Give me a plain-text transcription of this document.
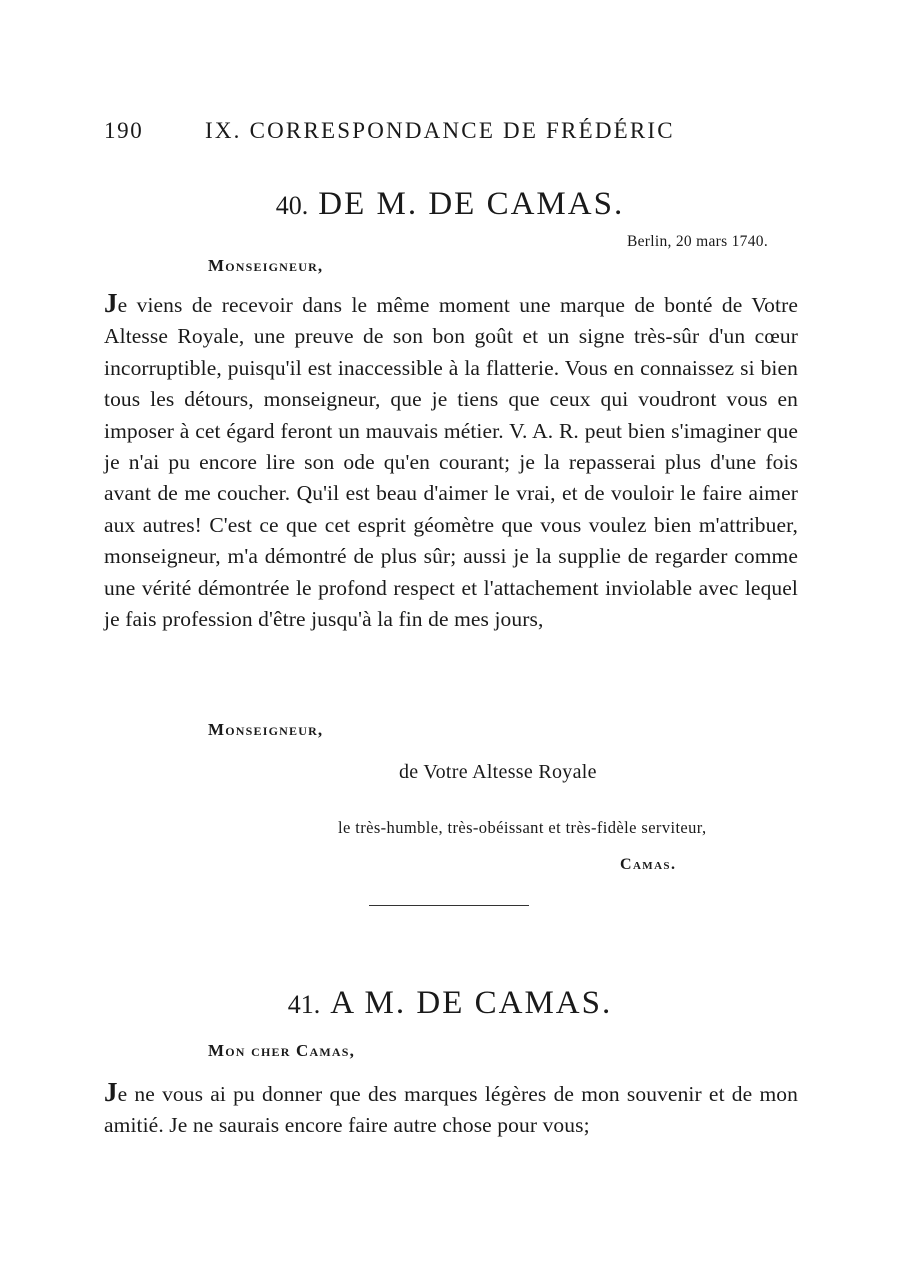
190	IX. CORRESPONDANCE DE FRÉDÉRIC
40. DE M. DE CAMAS.
Berlin, 20 mars 1740.
Monseigneur,
Je viens de recevoir dans le même moment une marque de bonté de Votre Altesse Royale, une preuve de son bon goût et un signe très-sûr d'un cœur incorruptible, puisqu'il est inaccessible à la flatterie. Vous en connaissez si bien tous les détours, monseigneur, que je tiens que ceux qui voudront vous en imposer à cet égard feront un mauvais métier. V. A. R. peut bien s'imaginer que je n'ai pu encore lire son ode qu'en courant; je la repasserai plus d'une fois avant de me coucher. Qu'il est beau d'aimer le vrai, et de vouloir le faire aimer aux autres! C'est ce que cet esprit géomètre que vous voulez bien m'attribuer, monseigneur, m'a démontré de plus sûr; aussi je la supplie de regarder comme une vérité démontrée le profond respect et l'attachement inviolable avec lequel je fais profession d'être jusqu'à la fin de mes jours,
Monseigneur,
de Votre Altesse Royale
le très-humble, très-obéissant et très-fidèle serviteur,
Camas.
41. A M. DE CAMAS.
Mon cher Camas,
Je ne vous ai pu donner que des marques légères de mon souvenir et de mon amitié. Je ne saurais encore faire autre chose pour vous;
